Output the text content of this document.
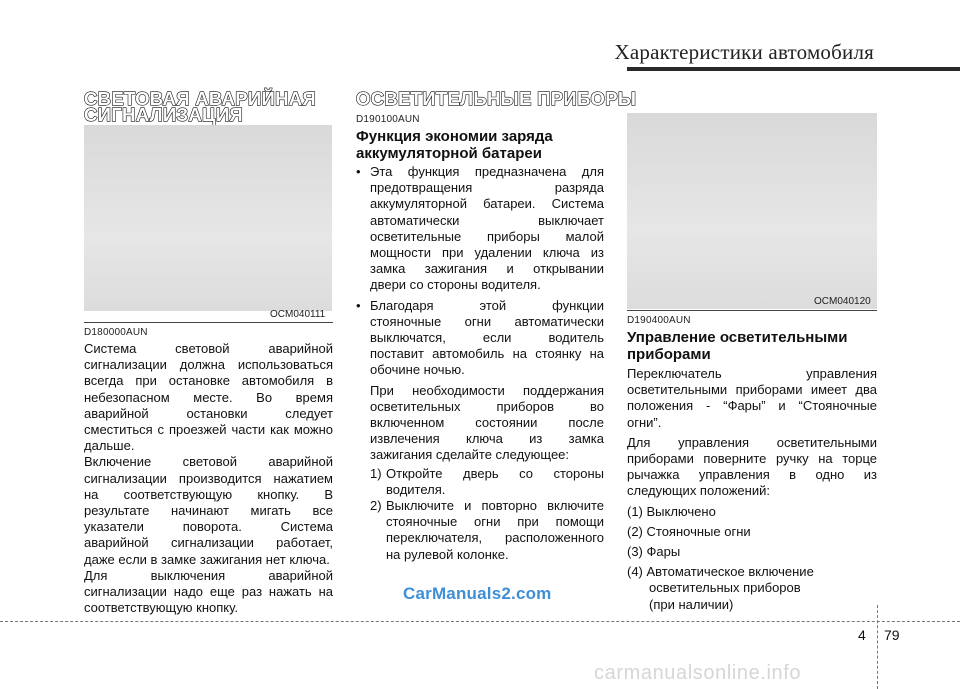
Характеристики автомобиля
СВЕТОВАЯ АВАРИЙНАЯ
СИГНАЛИЗАЦИЯ
OCM040111
D180000AUN

Система световой аварийной

сигнализации должна использоваться

всегда при остановке автомобиля в

небезопасном месте. Во время

аварийной остановки следует

сместиться с проезжей части как можно

дальше.

Включение световой аварийной

сигнализации производится нажатием

на соответствующую кнопку. В

результате начинают мигать все

указатели поворота. Система

аварийной сигнализации работает,

даже если в замке зажигания нет ключа.

Для выключения аварийной

сигнализации надо еще раз нажать на

соответствующую кнопку.

ОСВЕТИТЕЛЬНЫЕ ПРИБОРЫ
D190100AUN
Функция экономии заряда
аккумуляторной батареи
• Эта функция предназначена для

предотвращения разряда

аккумуляторной батареи. Система

автоматически выключает

осветительные приборы малой

мощности при удалении ключа из

замка зажигания и открывании

двери со стороны водителя.

• Благодаря этой функции

стояночные огни автоматически

выключатся, если водитель

поставит автомобиль на стоянку на

обочине ночью.

При необходимости поддержания

осветительных приборов во

включенном состоянии после

извлечения ключа из замка

зажигания сделайте следующее:

1) Откройте дверь со стороны

водителя.

2) Выключите и повторно включите

стояночные огни при помощи

переключателя, расположенного

на рулевой колонке.

OCM040120
D190400AUN
Управление осветительными
приборами

Переключатель управления

осветительными приборами имеет два

положения - “Фары” и “Стояночные

огни”.

Для управления осветительными

приборами поверните ручку на торце

рычажка управления в одно из

следующих положений:

(1) Выключено

(2) Стояночные огни

(3) Фары

(4) Автоматическое включение

осветительных приборов

(при наличии)

CarManuals2.com
4 79
carmanualsonline.info
